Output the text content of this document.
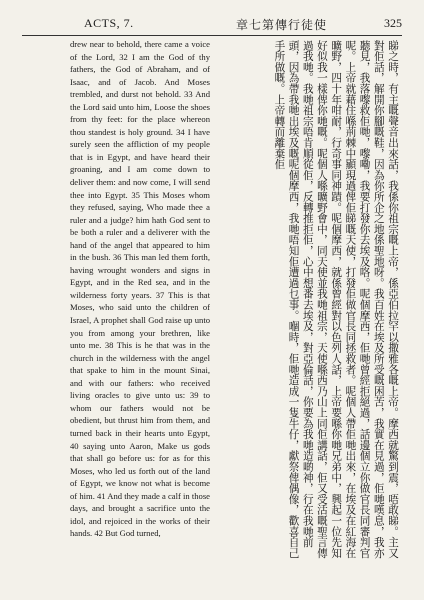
ACTS, 7.	章七第傳行徒使	325

drew near to behold, there came a voice of the Lord, 32 I am the God of thy fathers, the God of Abraham, and of Isaac, and of Jacob. And Moses trembled, and durst not behold. 33 And the Lord said unto him, Loose the shoes from thy feet: for the place whereon thou standest is holy ground. 34 I have surely seen the affliction of my people that is in Egypt, and have heard their groaning, and I am come down to deliver them: and now come, I will send thee into Egypt. 35 This Moses whom they refused, saying, Who made thee a ruler and a judge? him hath God sent to be both a ruler and a deliverer with the hand of the angel that appeared to him in the bush. 36 This man led them forth, having wrought wonders and signs in Egypt, and in the Red sea, and in the wilderness forty years. 37 This is that Moses, who said unto the children of Israel, A prophet shall God raise up unto you from among your brethren, like unto me. 38 This is he that was in the church in the wilderness with the angel that spake to him in the mount Sinai, and with our fathers: who received living oracles to give unto us: 39 to whom our fathers would not be obedient, but thrust him from them, and turned back in their hearts unto Egypt, 40 saying unto Aaron, Make us gods that shall go before us: for as for this Moses, who led us forth out of the land of Egypt, we know not what is become of him. 41 And they made a calf in those days, and brought a sacrifice unto the idol, and rejoiced in the works of their hands. 42 But God turned,	睇之時，有主嘅聲音出來話，我係你祖宗嘅上帝，係亞伯拉罕以撒雅各嘅上帝。摩西就驚到震，唔敢睇。主又對佢話，解開你腳嘅鞋，因為你所企之地係聖地呀。我百姓在埃及所受嘅困苦，我實在見過，佢哋嘆息，我亦聽見，我落嚟救佢哋，嚟嘞，我要打發你去埃及咯。呢個摩西，佢哋曾經拒絕過，話邊個立你做官長同審判官呢。上帝就藉住喺荊棘中顯現過俾佢睇嘅天使，打發佢做官長同拯救者。呢個人帶佢哋出來，在埃及在紅海在曠野，四十年咁耐，行奇事同神蹟。呢個摩西，就係曾經對以色列人話，上帝要喺你哋兄弟中，興起一位先知好似我一樣俾你哋嘅。呢個人喺曠野會中，同天使並我哋祖宗，天使喺西乃山上同佢講話，佢又受活嘅聖言傳過我哋。我哋祖宗唔肯順從佢，反轉推拒佢，心中想番去埃及，對亞倫話，你要為我哋造啲神，行在我哋前頭，因為帶我哋出埃及嘅呢個摩西，我哋唔知佢遭過乜事。嗰時，佢哋造成一隻牛仔，獻祭俾偶像，歡喜自己手所做嘅。上帝轉而離棄佢
